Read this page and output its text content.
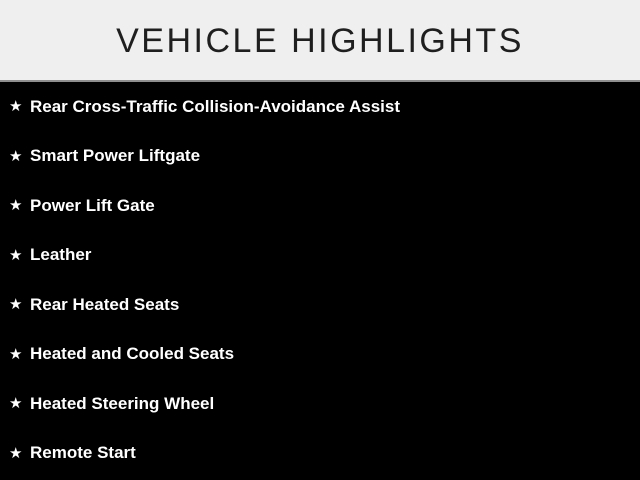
VEHICLE HIGHLIGHTS
★ Rear Cross-Traffic Collision-Avoidance Assist
★ Smart Power Liftgate
★ Power Lift Gate
★ Leather
★ Rear Heated Seats
★ Heated and Cooled Seats
★ Heated Steering Wheel
★ Remote Start
